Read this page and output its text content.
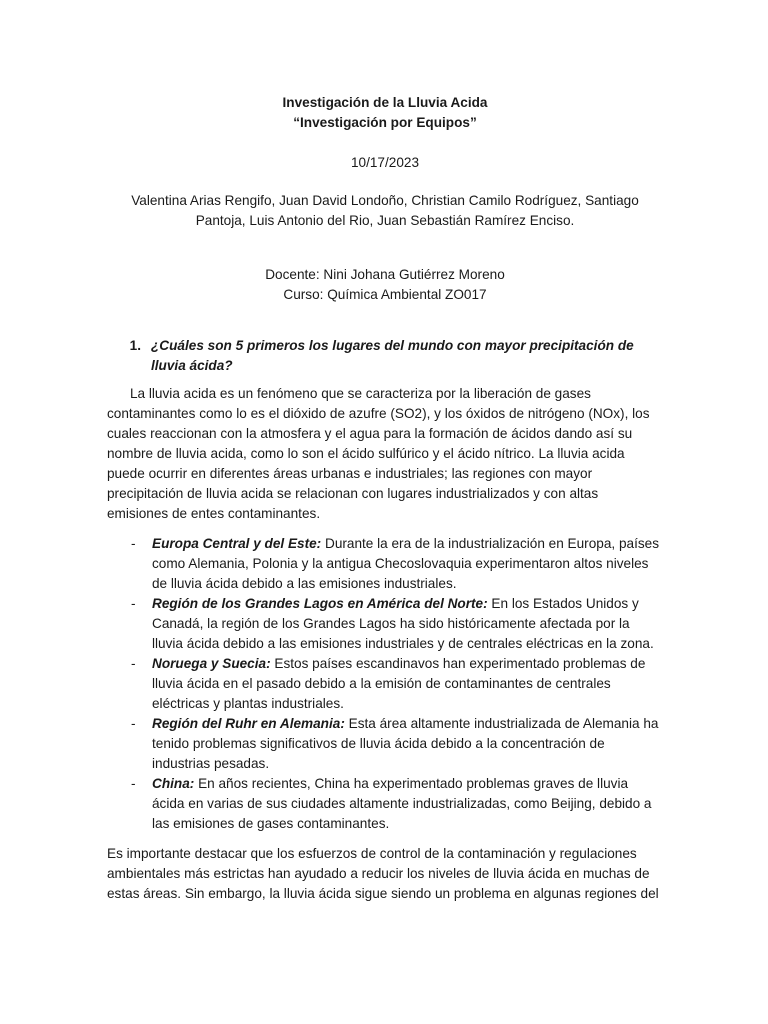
Investigación de la Lluvia Acida

“Investigación por Equipos”

10/17/2023
Valentina Arias Rengifo, Juan David Londoño, Christian Camilo Rodríguez, Santiago
Pantoja, Luis Antonio del Rio, Juan Sebastián Ramírez Enciso.
Docente: Nini Johana Gutiérrez Moreno
Curso: Química Ambiental ZO017
1. ¿Cuáles son 5 primeros los lugares del mundo con mayor precipitación de lluvia ácida?

La lluvia acida es un fenómeno que se caracteriza por la liberación de gases contaminantes como lo es el dióxido de azufre (SO2), y los óxidos de nitrógeno (NOx), los cuales reaccionan con la atmosfera y el agua para la formación de ácidos dando así su nombre de lluvia acida, como lo son el ácido sulfúrico y el ácido nítrico. La lluvia acida puede ocurrir en diferentes áreas urbanas e industriales; las regiones con mayor precipitación de lluvia acida se relacionan con lugares industrializados y con altas emisiones de entes contaminantes.

-	Europa Central y del Este: Durante la era de la industrialización en Europa, países como Alemania, Polonia y la antigua Checoslovaquia experimentaron altos niveles de lluvia ácida debido a las emisiones industriales.
-	Región de los Grandes Lagos en América del Norte: En los Estados Unidos y Canadá, la región de los Grandes Lagos ha sido históricamente afectada por la lluvia ácida debido a las emisiones industriales y de centrales eléctricas en la zona.
-	Noruega y Suecia: Estos países escandinavos han experimentado problemas de lluvia ácida en el pasado debido a la emisión de contaminantes de centrales eléctricas y plantas industriales.
-	Región del Ruhr en Alemania: Esta área altamente industrializada de Alemania ha tenido problemas significativos de lluvia ácida debido a la concentración de industrias pesadas.
-	China: En años recientes, China ha experimentado problemas graves de lluvia ácida en varias de sus ciudades altamente industrializadas, como Beijing, debido a las emisiones de gases contaminantes.

Es importante destacar que los esfuerzos de control de la contaminación y regulaciones ambientales más estrictas han ayudado a reducir los niveles de lluvia ácida en muchas de estas áreas. Sin embargo, la lluvia ácida sigue siendo un problema en algunas regiones del
